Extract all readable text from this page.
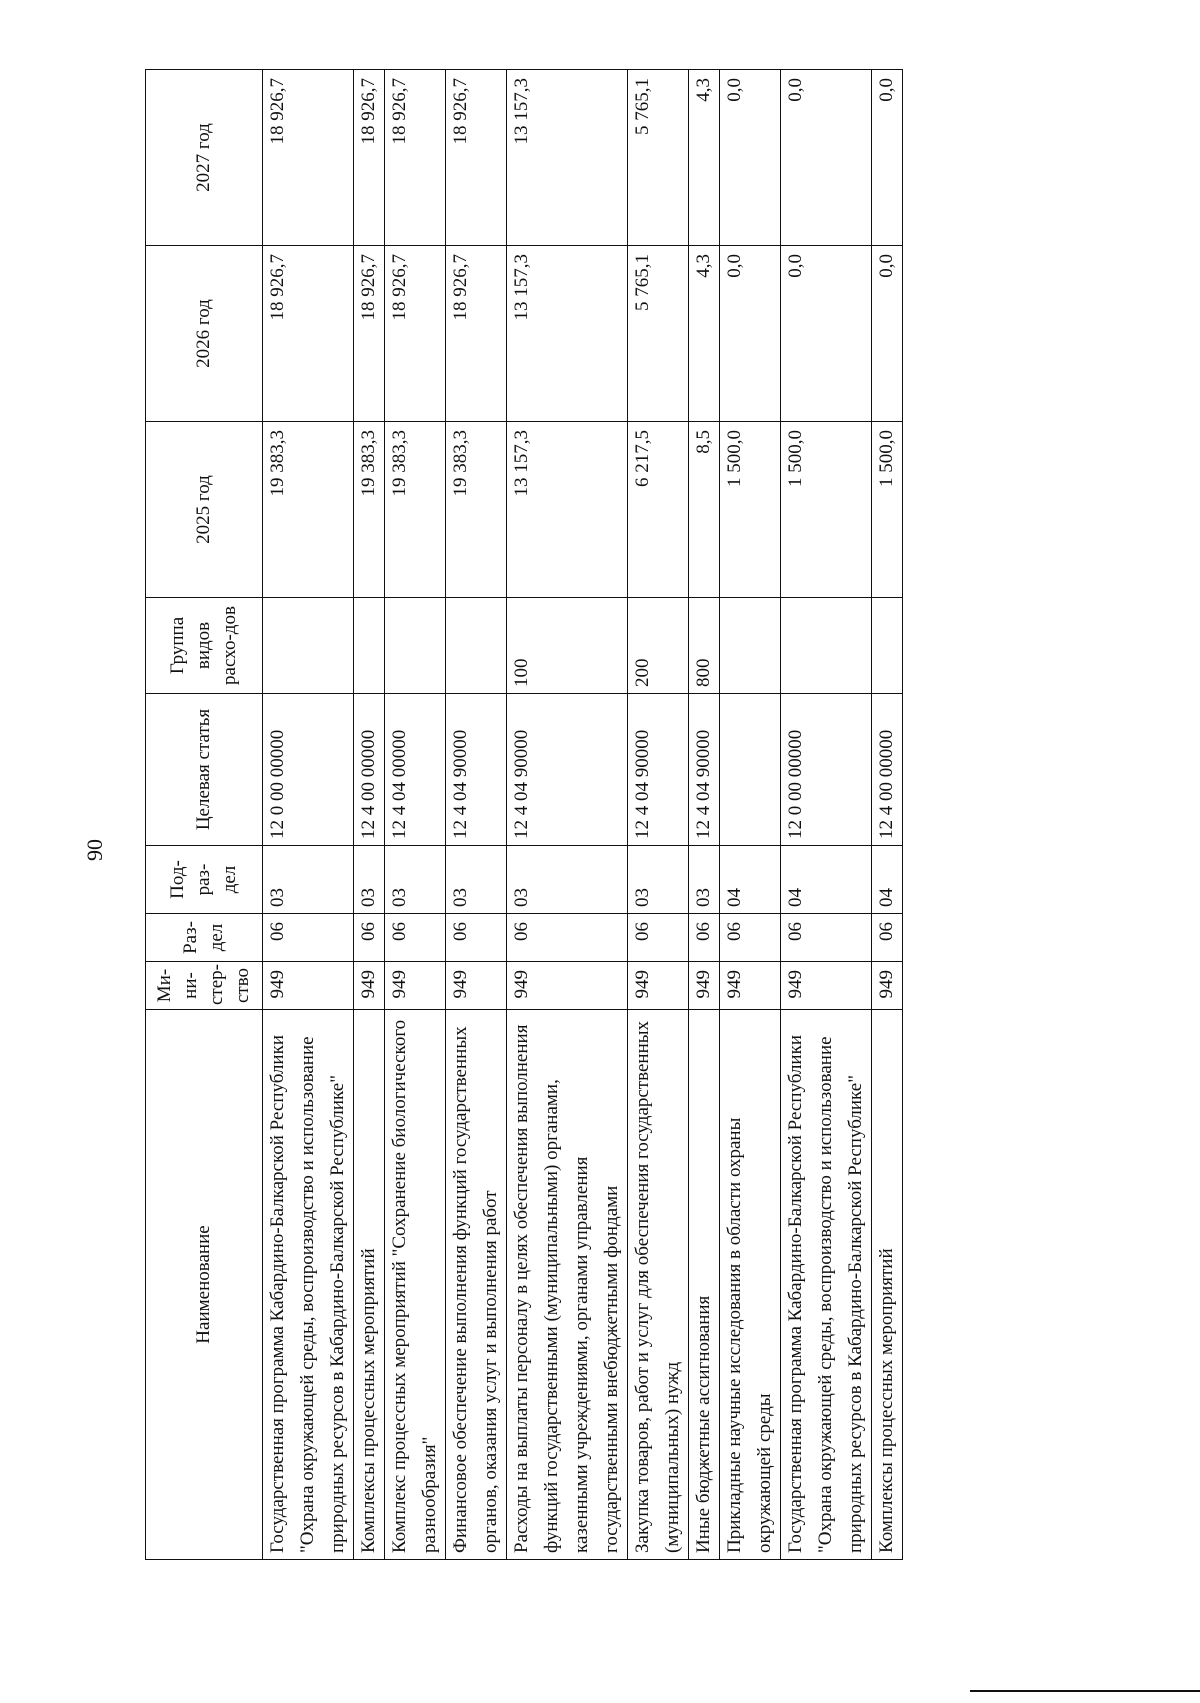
90
Наименование	Ми-ни-стер-ство	Раз-дел	Под-раз-дел	Целевая статья	Группа видов расхо-дов	2025 год	2026 год	2027 год
Государственная программа Кабардино-Балкарской Республики "Охрана окружающей среды, воспроизводство и использование природных ресурсов в Кабардино-Балкарской Республике"	949	06	03	12 0 00 00000		19 383,3	18 926,7	18 926,7
Комплексы процессных мероприятий	949	06	03	12 4 00 00000		19 383,3	18 926,7	18 926,7
Комплекс процессных мероприятий "Сохранение биологического разнообразия"	949	06	03	12 4 04 00000		19 383,3	18 926,7	18 926,7
Финансовое обеспечение выполнения функций государственных органов, оказания услуг и выполнения работ	949	06	03	12 4 04 90000		19 383,3	18 926,7	18 926,7
Расходы на выплаты персоналу в целях обеспечения выполнения функций государственными (муниципальными) органами, казенными учреждениями, органами управления государственными внебюджетными фондами	949	06	03	12 4 04 90000	100	13 157,3	13 157,3	13 157,3
Закупка товаров, работ и услуг для обеспечения государственных (муниципальных) нужд	949	06	03	12 4 04 90000	200	6 217,5	5 765,1	5 765,1
Иные бюджетные ассигнования	949	06	03	12 4 04 90000	800	8,5	4,3	4,3
Прикладные научные исследования в области охраны окружающей среды	949	06	04			1 500,0	0,0	0,0
Государственная программа Кабардино-Балкарской Республики "Охрана окружающей среды, воспроизводство и использование природных ресурсов в Кабардино-Балкарской Республике"	949	06	04	12 0 00 00000		1 500,0	0,0	0,0
Комплексы процессных мероприятий	949	06	04	12 4 00 00000		1 500,0	0,0	0,0
